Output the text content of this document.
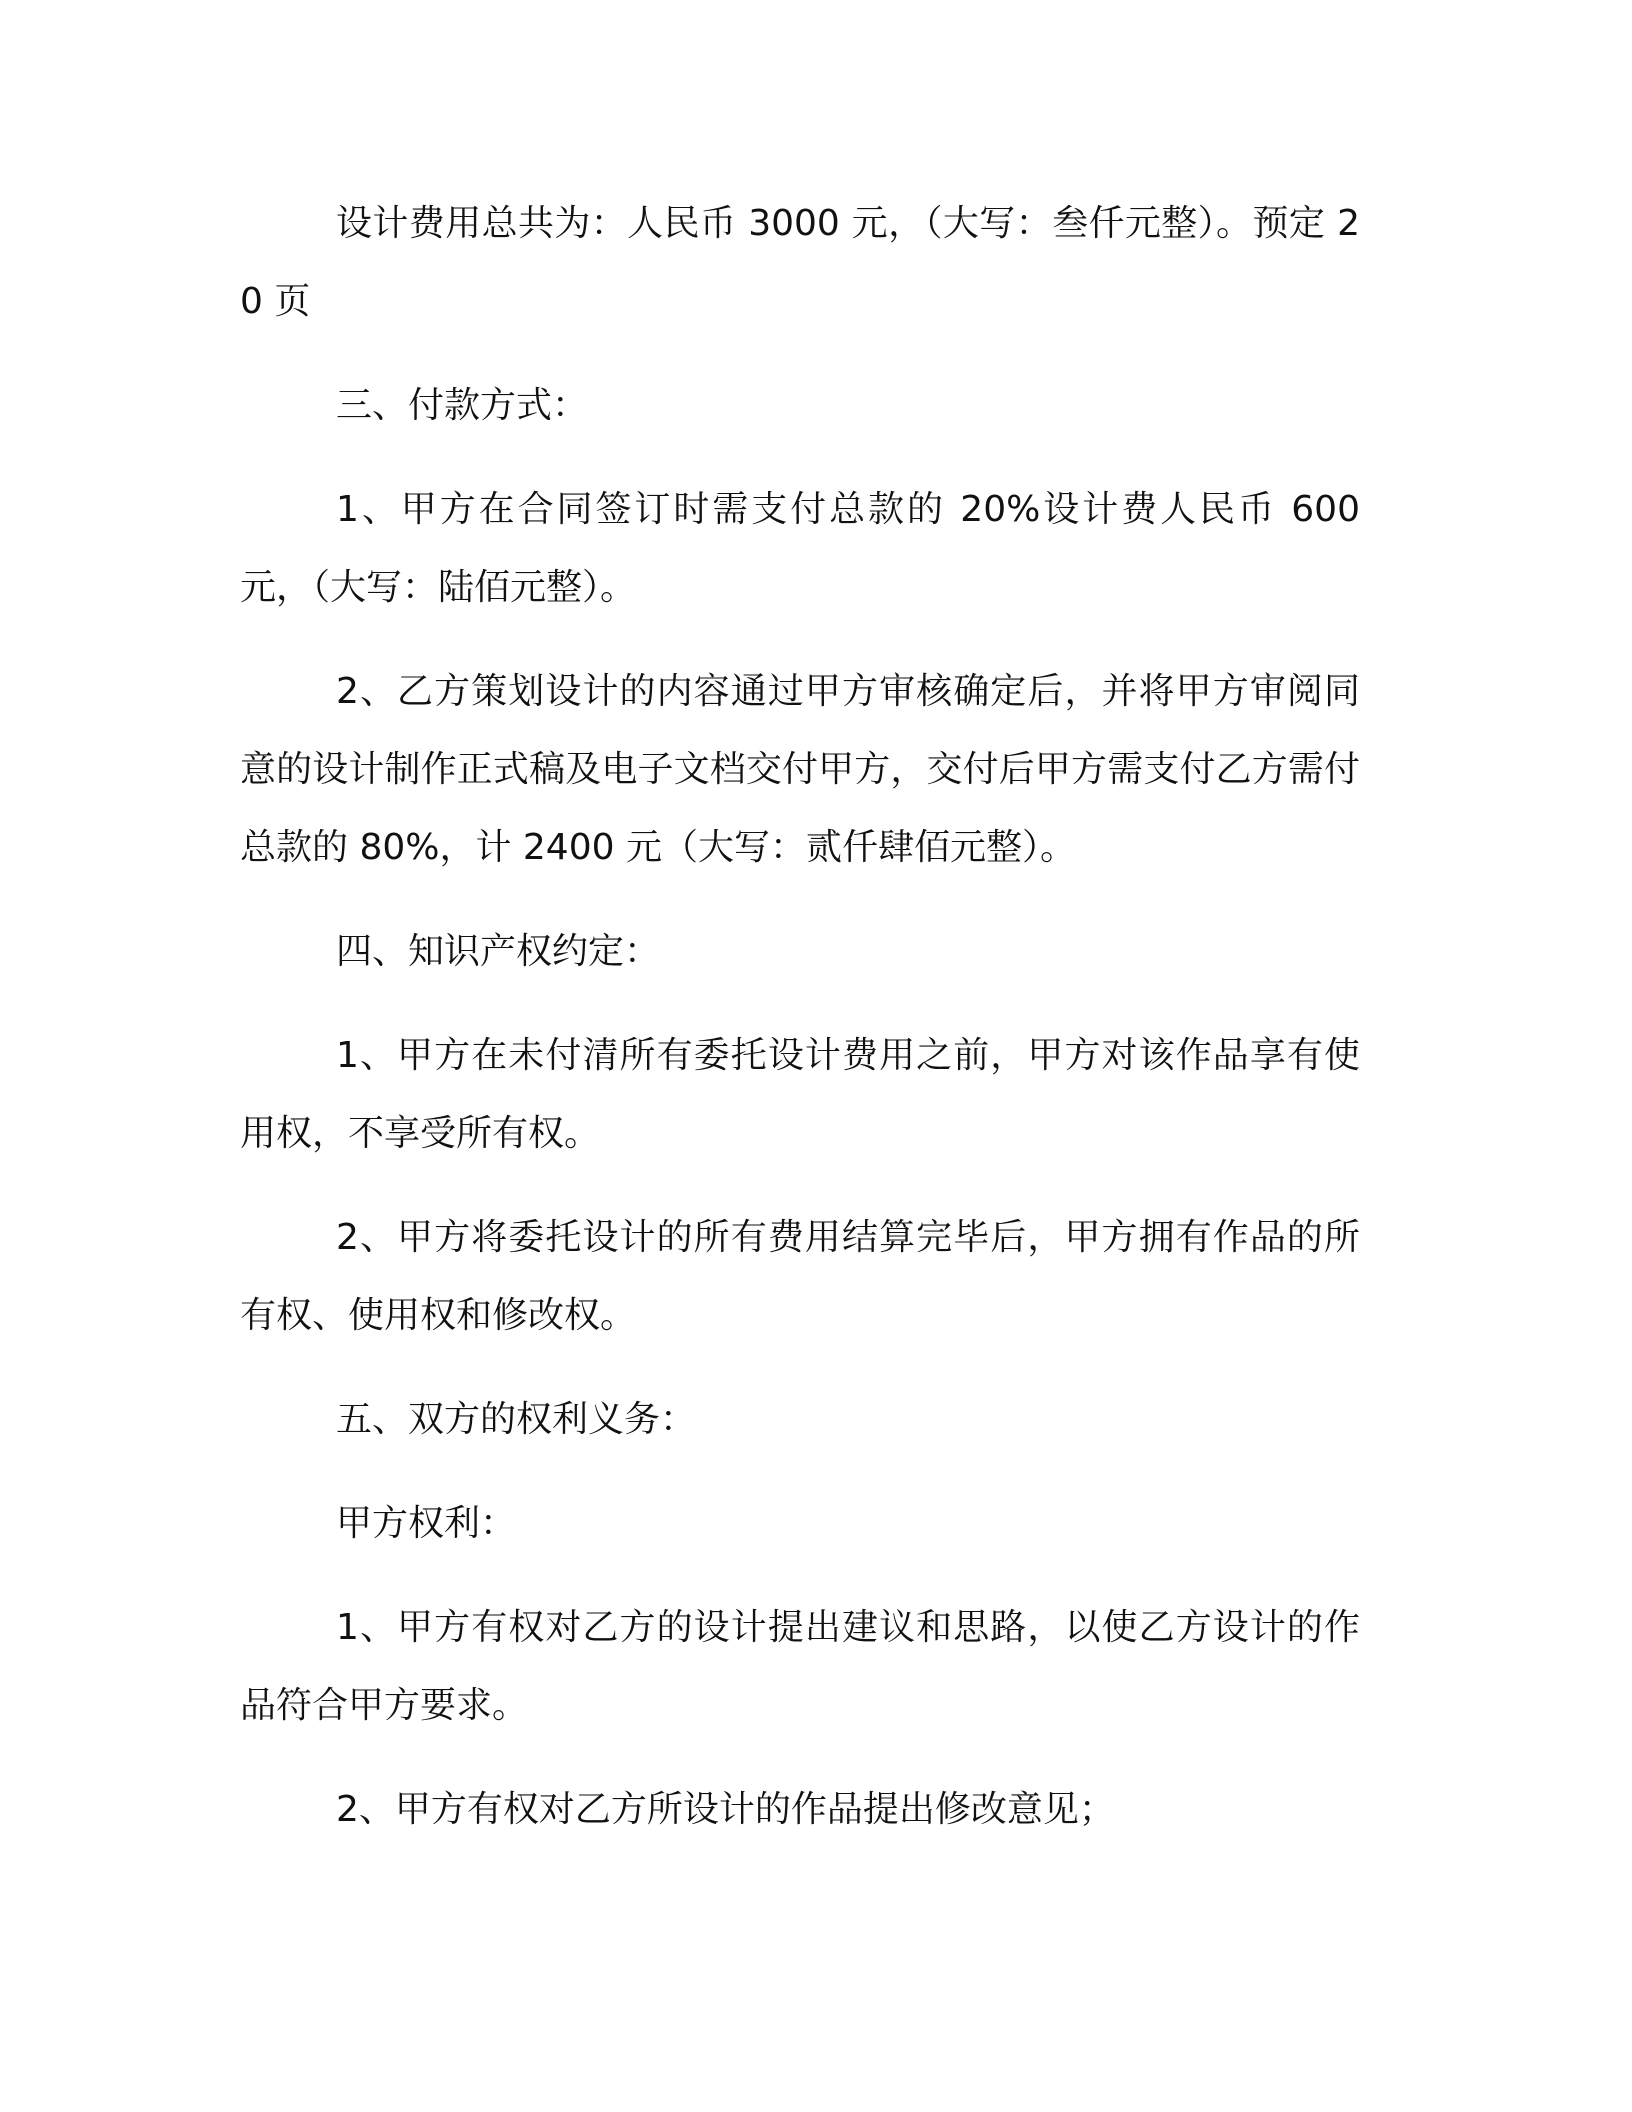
设计费用总共为：人民币 3000 元，（大写：叁仟元整）。预定 20 页

三、付款方式：

1、甲方在合同签订时需支付总款的 20%设计费人民币 600 元，（大写：陆佰元整）。

2、乙方策划设计的内容通过甲方审核确定后，并将甲方审阅同意的设计制作正式稿及电子文档交付甲方，交付后甲方需支付乙方需付总款的 80%，计 2400 元（大写：贰仟肆佰元整）。

四、知识产权约定：

1、甲方在未付清所有委托设计费用之前，甲方对该作品享有使用权，不享受所有权。

2、甲方将委托设计的所有费用结算完毕后，甲方拥有作品的所有权、使用权和修改权。

五、双方的权利义务：

甲方权利：

1、甲方有权对乙方的设计提出建议和思路，以使乙方设计的作品符合甲方要求。

2、甲方有权对乙方所设计的作品提出修改意见；
